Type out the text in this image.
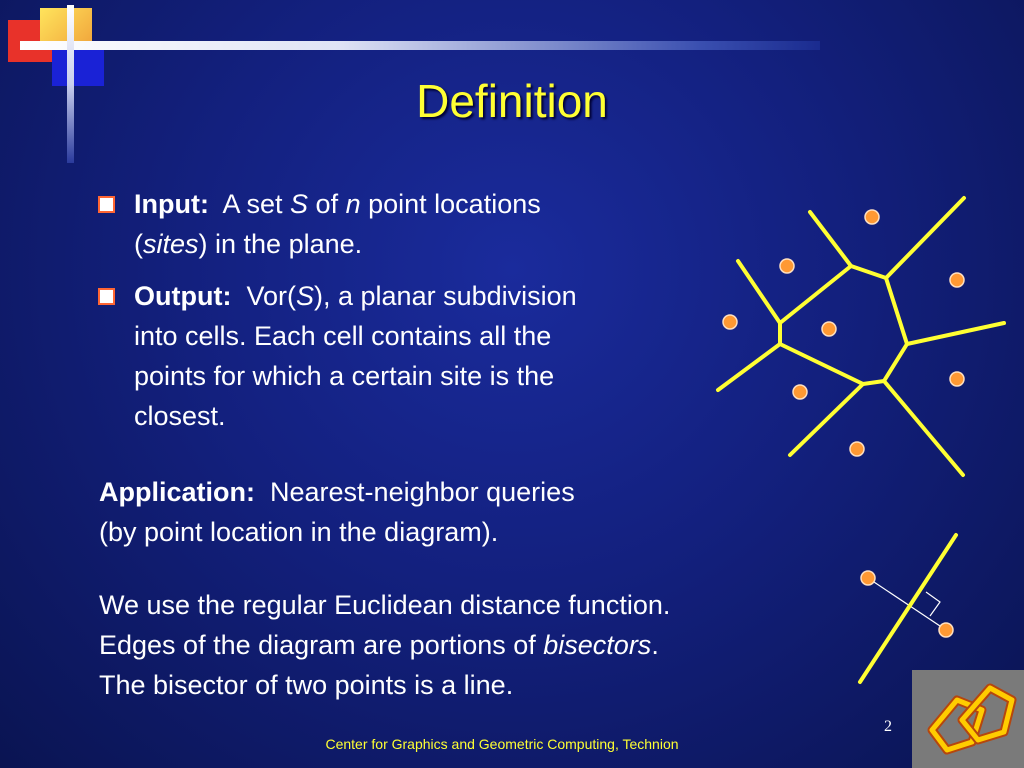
Definition
Input: A set S of n point locations
(sites) in the plane.
Output: Vor(S), a planar subdivision
into cells. Each cell contains all the
points for which a certain site is the
closest.
Application: Nearest-neighbor queries
(by point location in the diagram).
We use the regular Euclidean distance function.
Edges of the diagram are portions of bisectors.
The bisector of two points is a line.
2
Center for Graphics and Geometric Computing, Technion
